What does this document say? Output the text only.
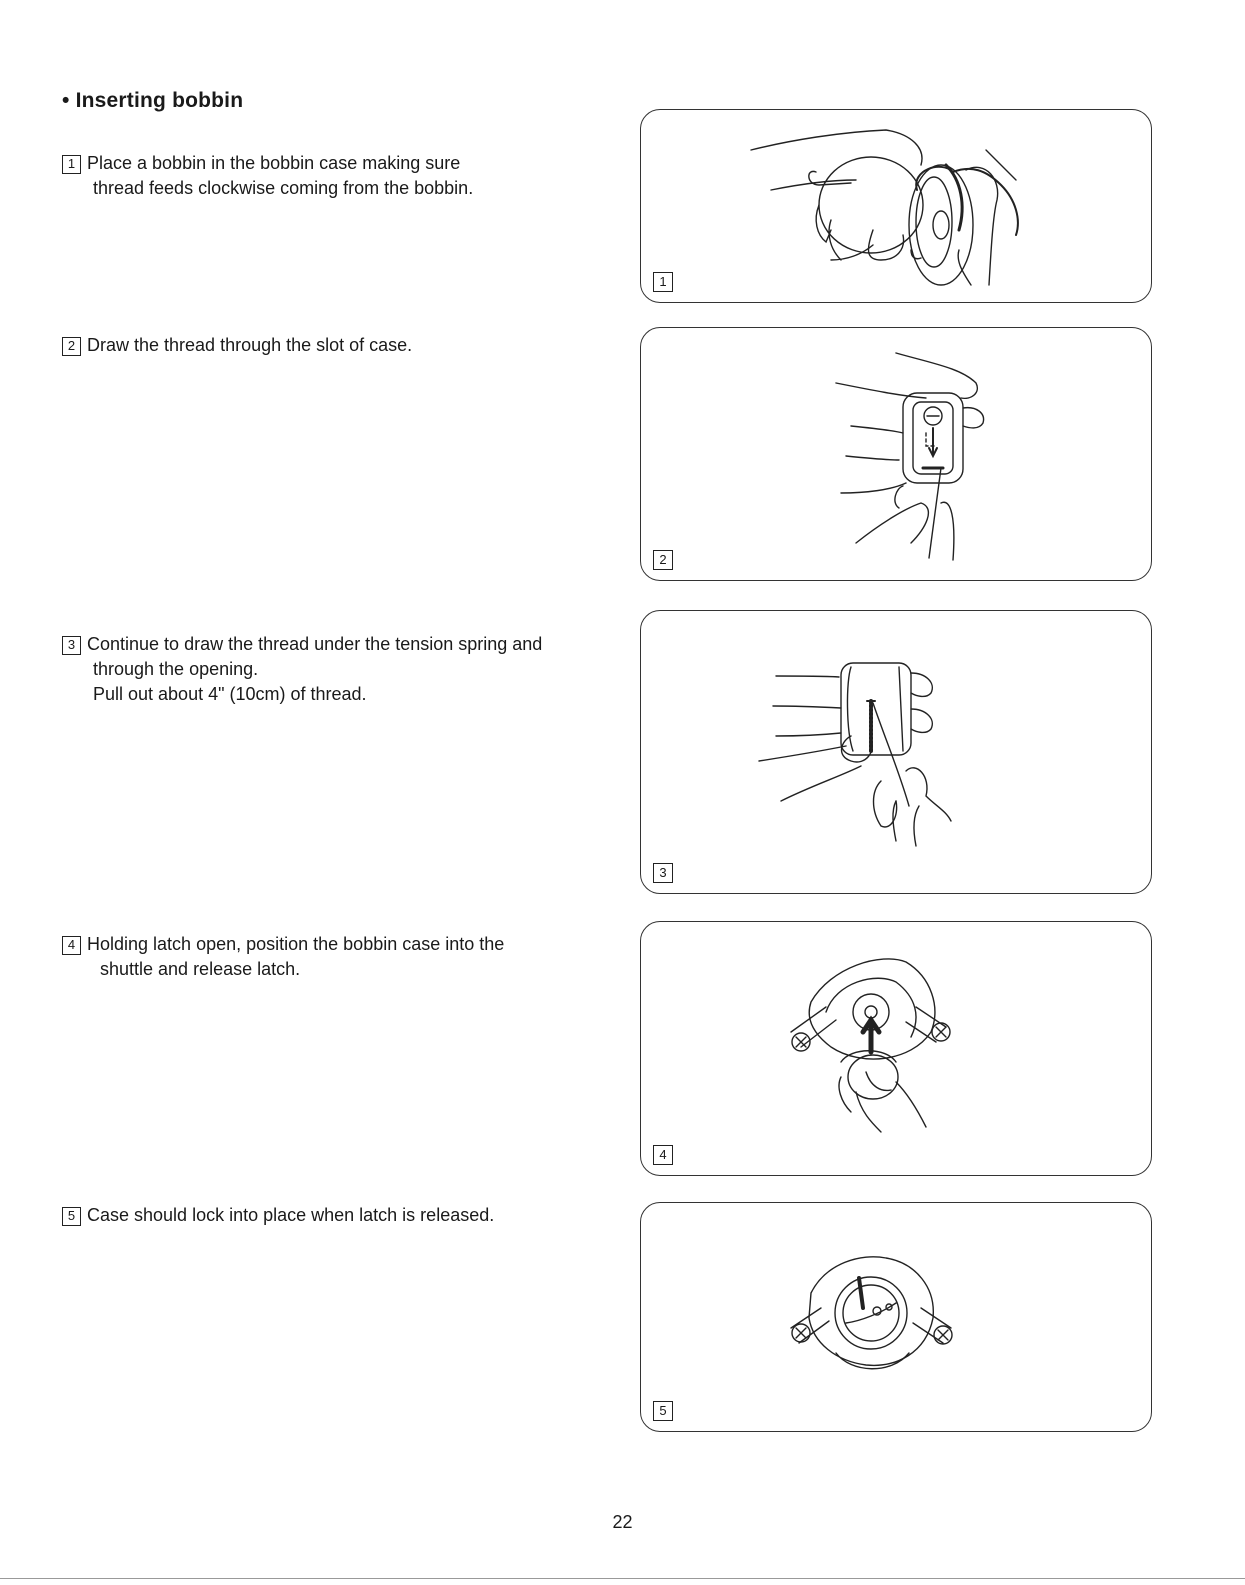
• Inserting bobbin
1 Place a bobbin in the bobbin case making sure
thread feeds clockwise coming from the bobbin.
2 Draw the thread through the slot of case.
3 Continue to draw the thread under the tension spring and
through the opening.
Pull out about 4" (10cm) of thread.
4 Holding latch open, position the bobbin case into the
shuttle and release latch.
5 Case should lock into place when latch is released.
1
2
3
4
5
22
